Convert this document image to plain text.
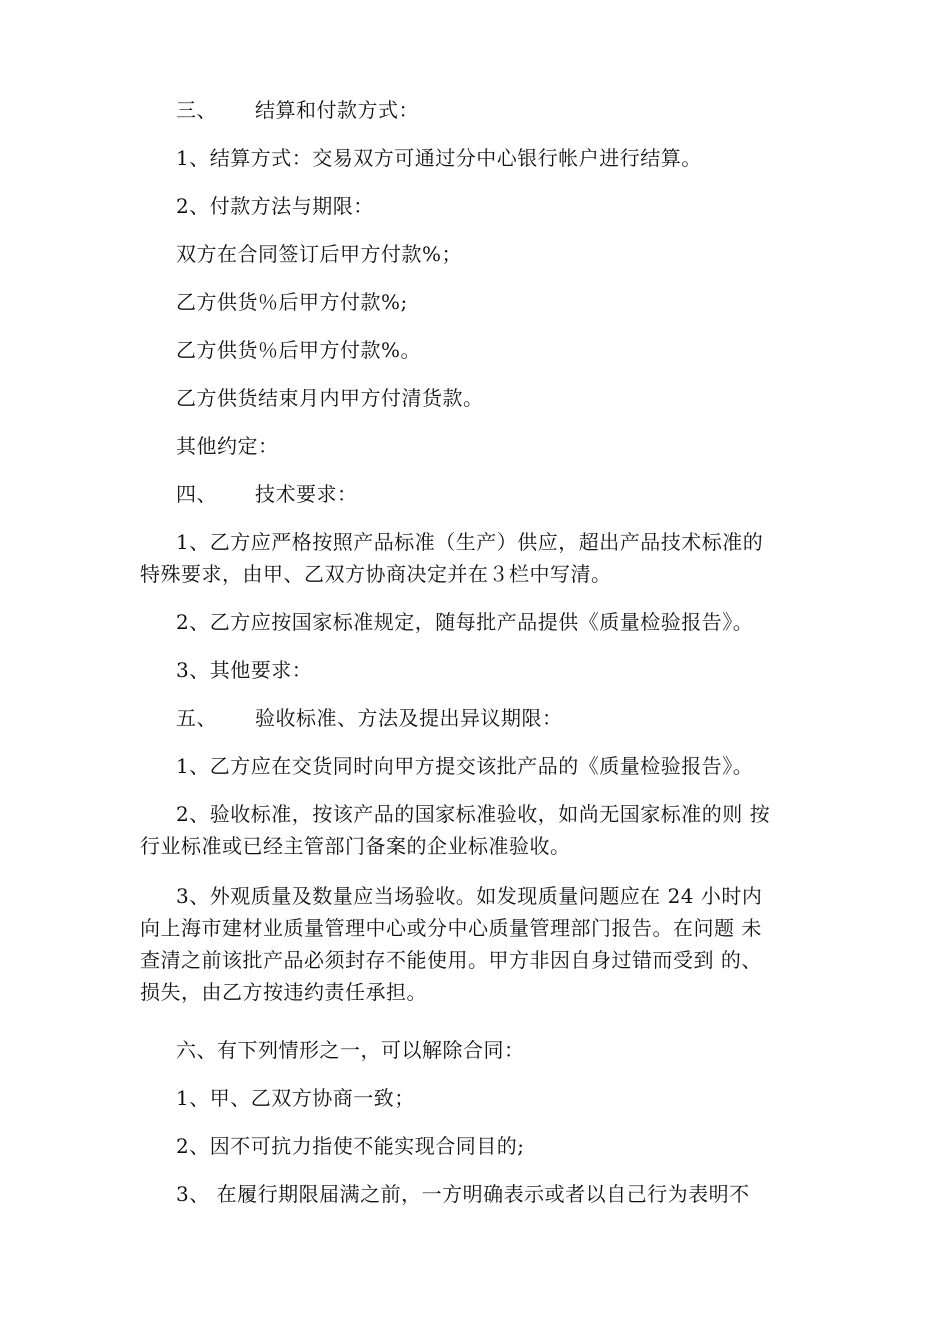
三、 结算和付款方式：

1、结算方式：交易双方可通过分中心银行帐户进行结算。

2、付款方法与期限：

双方在合同签订后甲方付款%；

乙方供货％后甲方付款%;

乙方供货％后甲方付款%。

乙方供货结束月内甲方付清货款。

其他约定：

四、 技术要求：

1、乙方应严格按照产品标准（生产）供应，超出产品技术标准的
特殊要求，由甲、乙双方协商决定并在３栏中写清。

2、乙方应按国家标准规定，随每批产品提供《质量检验报告》。

3、其他要求：

五、 验收标准、方法及提出异议期限：

1、乙方应在交货同时向甲方提交该批产品的《质量检验报告》。

2、验收标准，按该产品的国家标准验收，如尚无国家标准的则 按
行业标准或已经主管部门备案的企业标准验收。
3、外观质量及数量应当场验收。如发现质量问题应在 24 小时内
向上海市建材业质量管理中心或分中心质量管理部门报告。在问题 未
查清之前该批产品必须封存不能使用。甲方非因自身过错而受到 的、
损失，由乙方按违约责任承担。

六、有下列情形之一，可以解除合同：

1、甲、乙双方协商一致；

2、因不可抗力指使不能实现合同目的;

3、 在履行期限届满之前，一方明确表示或者以自己行为表明不
